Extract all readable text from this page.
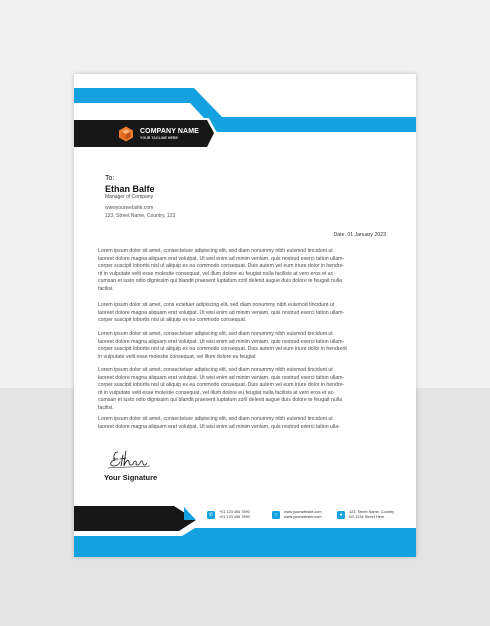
COMPANY NAME
YOUR TAGLINE HERE
To:
Ethan Balfe
Manager of Company
wwwyourwebsite.com
123, Street Name, Country, 123
Date, 01 January 2023
Lorem ipsum dolor sit amet, consectetuer adipiscing elit, sed diam nonummy nibh euismod tincidunt ut
laoreet dolore magna aliquam erat volutpat. Ut wisi enim ad minim veniam, quis nostrud exerci tation ullam-
corper suscipit lobortis nisl ut aliquip ex ea commodo consequat. Duis autem vel eum iriure dolor in hendre-
rit in vulputate velit esse molestie consequat, vel illum dolore eu feugiat nulla facilisis at vero eros et ac-
cumsan et iusto odio dignissim qui blandit praesent luptatum zzril delenit augue duis dolore te feugait nulla
facilisi.
Lorem ipsum dolor sit amet, cons ectetuer adipiscing elit, sed diam nonummy nibh euismod tincidunt ut
laoreet dolore magna aliquam erat volutpat. Ut wisi enim ad minim veniam, quis nostrud exerci tation ullam-
corper suscipit lobortis nisl ut aliquip ex ea commodo consequat.
Lorem ipsum dolor sit amet, consectetuer adipiscing elit, sed diam nonummy nibh euismod tincidunt ut
laoreet dolore magna aliquam erat volutpat. Ut wisi enim ad minim veniam, quis nostrud exerci tation ullam-
corper suscipit lobortis nisl ut aliquip ex ea commodo consequat. Duis autem vel eum iriure dolor in hendrerit
in vulputate velit esse molestie consequat, vel illum dolore eu feugiat
Lorem ipsum dolor sit amet, consectetuer adipiscing elit, sed diam nonummy nibh euismod tincidunt ut
laoreet dolore magna aliquam erat volutpat. Ut wisi enim ad minim veniam, quis nostrud exerci tation ullam-
corper suscipit lobortis nisl ut aliquip ex ea commodo consequat. Duis autem vel eum iriure dolor in hendre-
rit in vulputate velit esse molestie consequat, vel illum dolore eu feugiat nulla facilisis at vero eros et ac-
cumsan et iusto odio dignissim qui blandit praesent luptatum zzril delenit augue duis dolore te feugait nulla
facilisi.
Lorem ipsum dolor sit amet, consectetuer adipiscing elit, sed diam nonummy nibh euismod tincidunt ut
laoreet dolore magna aliquam erat volutpat. Ut wisi enim ad minim veniam, quis nostrud exerci tation ulla-
Your Signature
✆	+01 123 456 7890
+01 123 456 7890	○	www.yourwebsite.com
www.yourwebsite.com	●	123, Street Name, Country
NY-1234 Street Here
